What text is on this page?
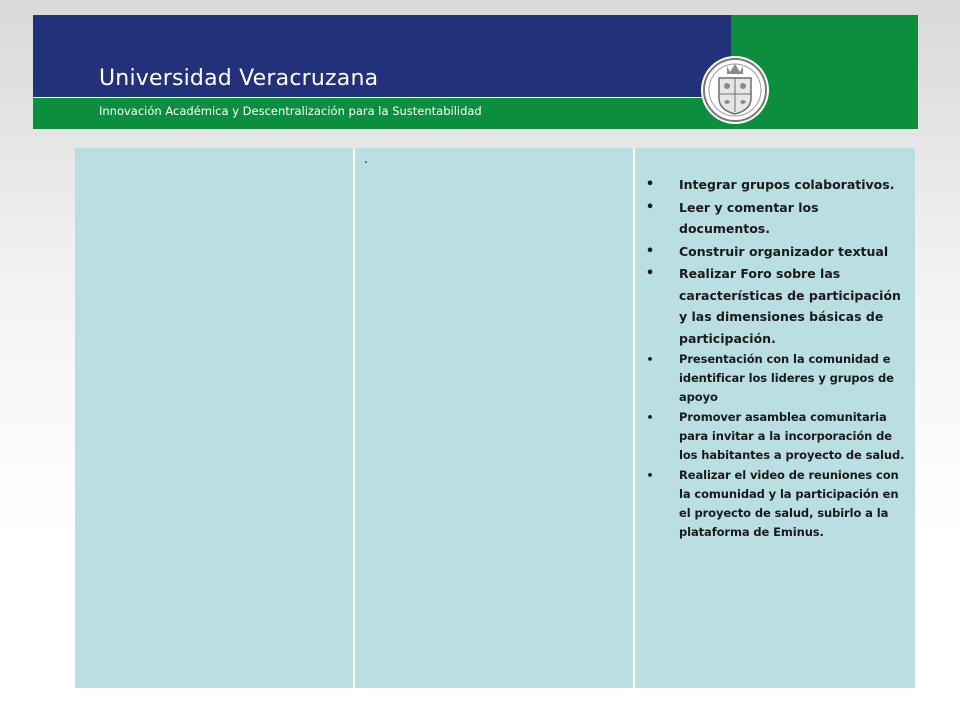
Universidad Veracruzana
Innovación Académica y Descentralización para la Sustentabilidad
.
•	Integrar grupos colaborativos.
•	Leer y comentar los documentos.
•	Construir organizador textual
•	Realizar Foro sobre las características de participación y las dimensiones básicas de participación.
•	Presentación con la comunidad e identificar los lideres y grupos de apoyo
•	Promover asamblea comunitaria para invitar a la incorporación de los habitantes a proyecto de salud.
•	Realizar el video de reuniones con la comunidad y la participación en el proyecto de salud, subirlo a la plataforma de Eminus.
